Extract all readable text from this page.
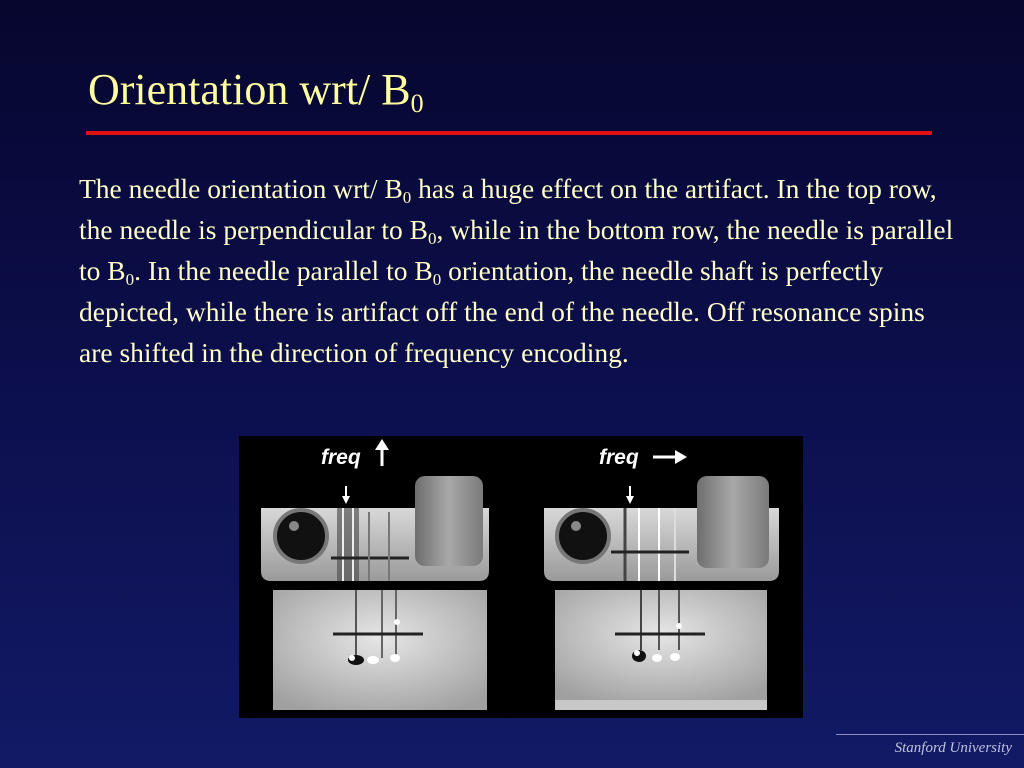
Orientation wrt/ $B_0$
The needle orientation wrt/ $B_0$ has a huge effect on the artifact. In the top row, the needle is perpendicular to $B_0$, while in the bottom row, the needle is parallel to $B_0$. In the needle parallel to $B_0$ orientation, the needle shaft is perfectly depicted, while there is artifact off the end of the needle. Off resonance spins are shifted in the direction of frequency encoding.
freq	freq
Stanford University
